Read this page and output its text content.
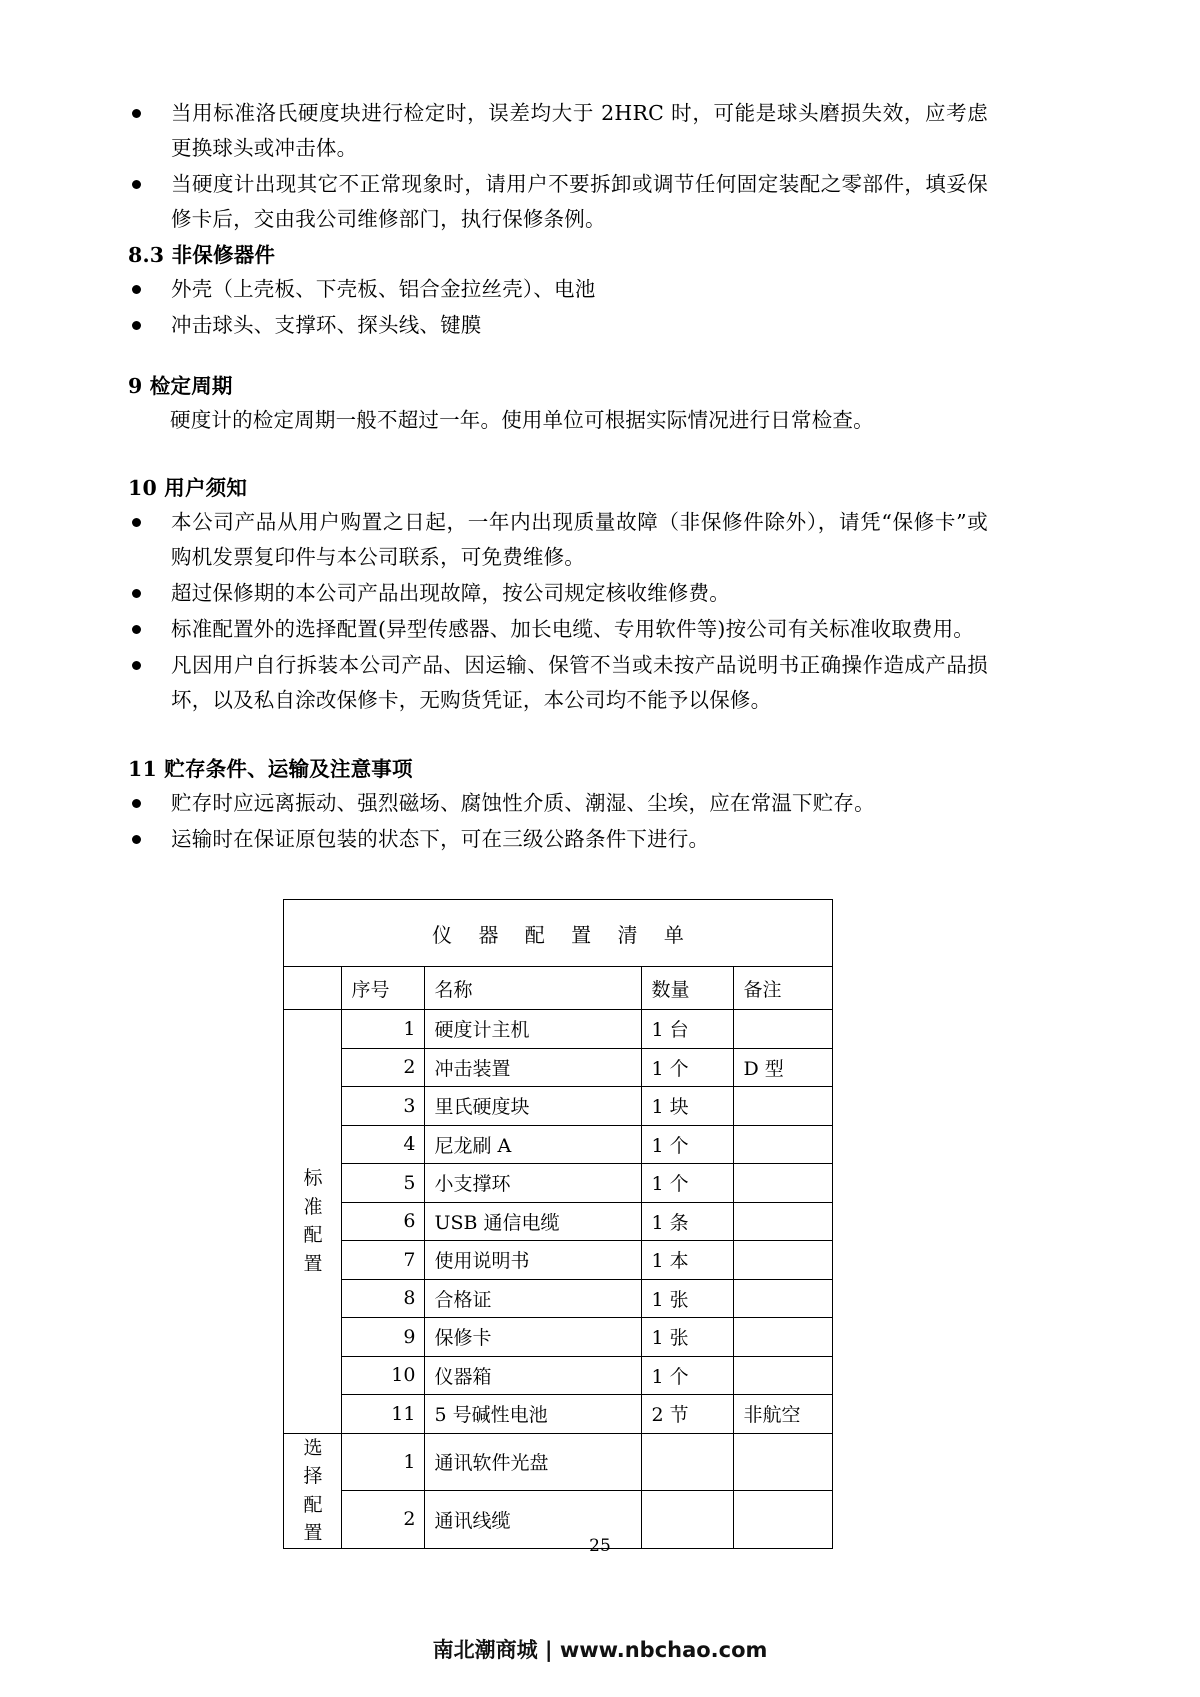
当用标准洛氏硬度块进行检定时，误差均大于 2HRC 时，可能是球头磨损失效，应考虑更换球头或冲击体。
当硬度计出现其它不正常现象时，请用户不要拆卸或调节任何固定装配之零部件，填妥保修卡后，交由我公司维修部门，执行保修条例。
8.3 非保修器件
外壳（上壳板、下壳板、铝合金拉丝壳）、电池
冲击球头、支撑环、探头线、键膜
9 检定周期

硬度计的检定周期一般不超过一年。使用单位可根据实际情况进行日常检查。

10 用户须知
本公司产品从用户购置之日起，一年内出现质量故障（非保修件除外），请凭“保修卡”或购机发票复印件与本公司联系，可免费维修。
超过保修期的本公司产品出现故障，按公司规定核收维修费。
标准配置外的选择配置(异型传感器、加长电缆、专用软件等)按公司有关标准收取费用。
凡因用户自行拆装本公司产品、因运输、保管不当或未按产品说明书正确操作造成产品损坏，以及私自涂改保修卡，无购货凭证，本公司均不能予以保修。
11 贮存条件、运输及注意事项
贮存时应远离振动、强烈磁场、腐蚀性介质、潮湿、尘埃，应在常温下贮存。
运输时在保证原包装的状态下，可在三级公路条件下进行。
仪 器 配 置 清 单				
	序号	名称	数量	备注
标准配置	1	硬度计主机	1 台	
	2	冲击装置	1 个	D 型
	3	里氏硬度块	1 块	
	4	尼龙刷 A	1 个	
	5	小支撑环	1 个	
	6	USB 通信电缆	1 条	
	7	使用说明书	1 本	
	8	合格证	1 张	
	9	保修卡	1 张	
	10	仪器箱	1 个	
	11	5 号碱性电池	2 节	非航空
选择配置	1	通讯软件光盘		
	2	通讯线缆		
25
南北潮商城 | www.nbchao.com
